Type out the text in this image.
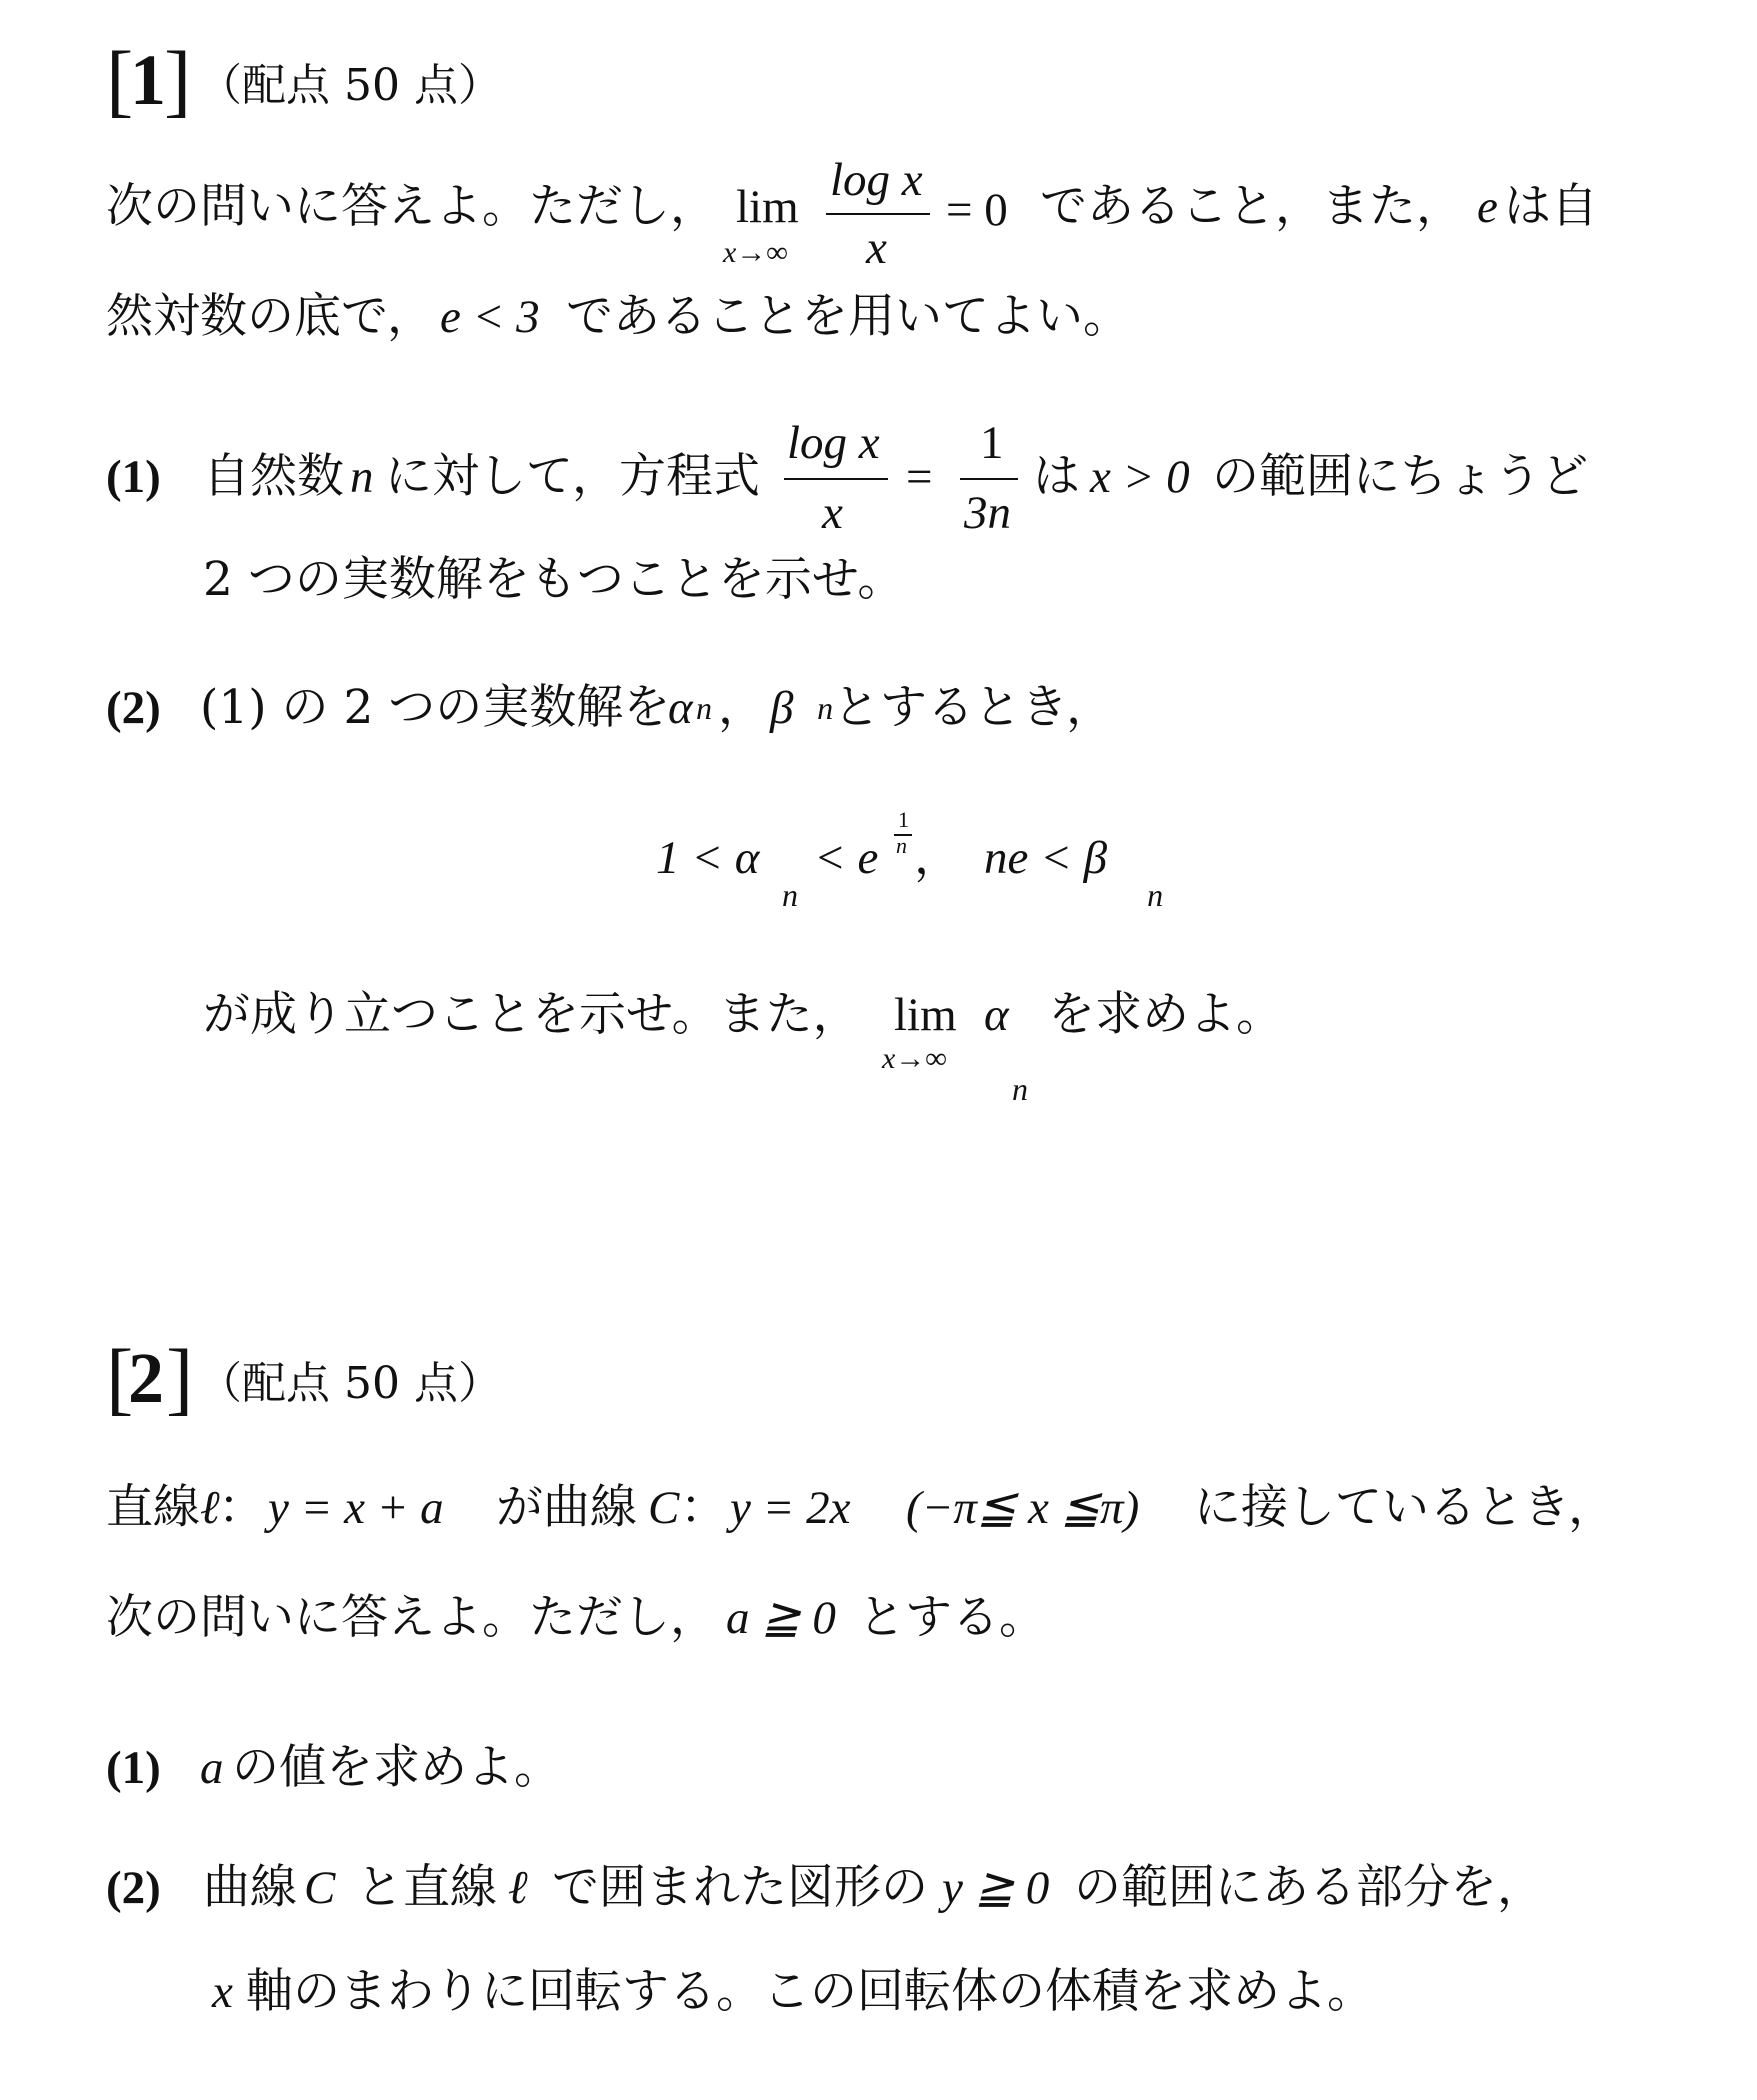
[
1
] （配点 50 点）
次の問いに答えよ。ただし， lim
x→∞
log x
x
= 0 であること，また， e は自
然対数の底で， e < 3 であることを用いてよい。
(1) 自然数 n に対して，方程式
log x
x
=
1
3n
は x > 0 の範囲にちょうど
2 つの実数解をもつことを示せ。
(2) (1) の 2 つの実数解を
α n ， β n とするとき，
1 < α
n
< e
1
n ， ne < β
n
が成り立つことを示せ。また， lim
x→∞
α
n
を求めよ。
[
2 ] （配点 50 点）
直線 ℓ
： y = x + a が曲線 C ： y = 2x (−π≦ x ≦π) に接しているとき，
次の問いに答えよ。ただし， a ≧ 0 とする。
(1) a の値を求めよ。
(2) 曲線 C と直線 ℓ で囲まれた図形の y ≧ 0 の範囲にある部分を，
x 軸のまわりに回転する。この回転体の体積を求めよ。
